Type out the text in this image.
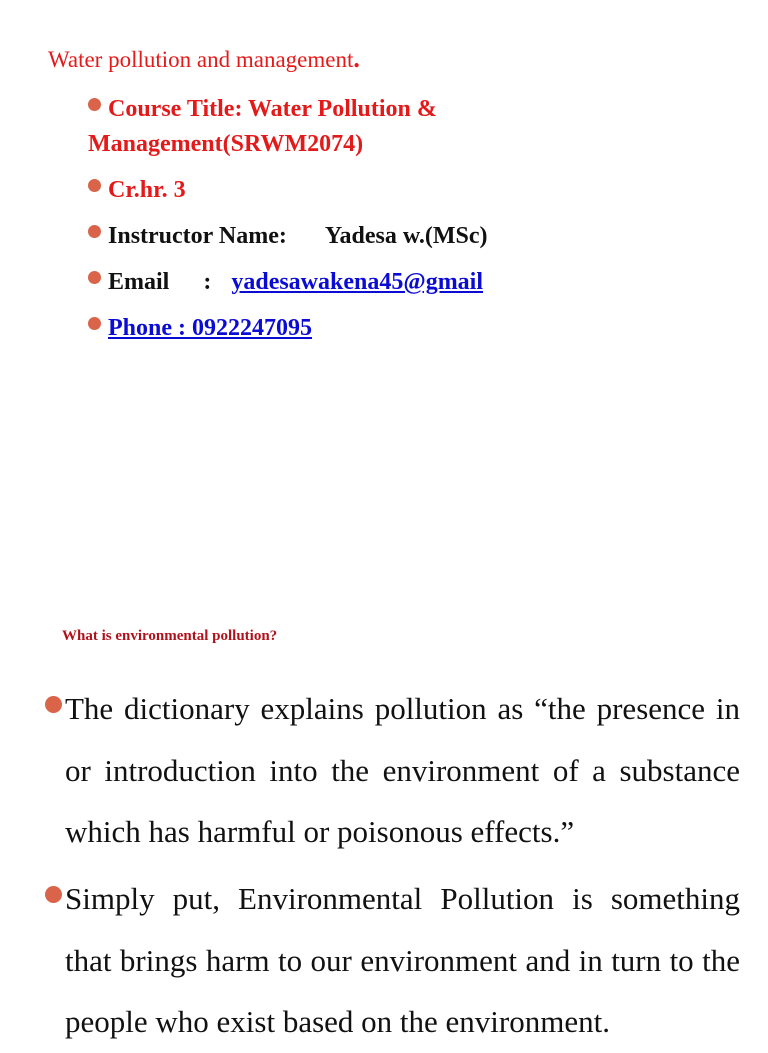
Water pollution and management.
Course Title: Water Pollution &
Management(SRWM2074)
Cr.hr. 3
Instructor Name: Yadesa w.(MSc)
Email : yadesawakena45@gmail
Phone : 0922247095
What is environmental pollution?
The dictionary explains pollution as “the presence in or introduction into the environment of a substance which has harmful or poisonous effects.”
Simply put, Environmental Pollution is something that brings harm to our environment and in turn to the people who exist based on the environment.
